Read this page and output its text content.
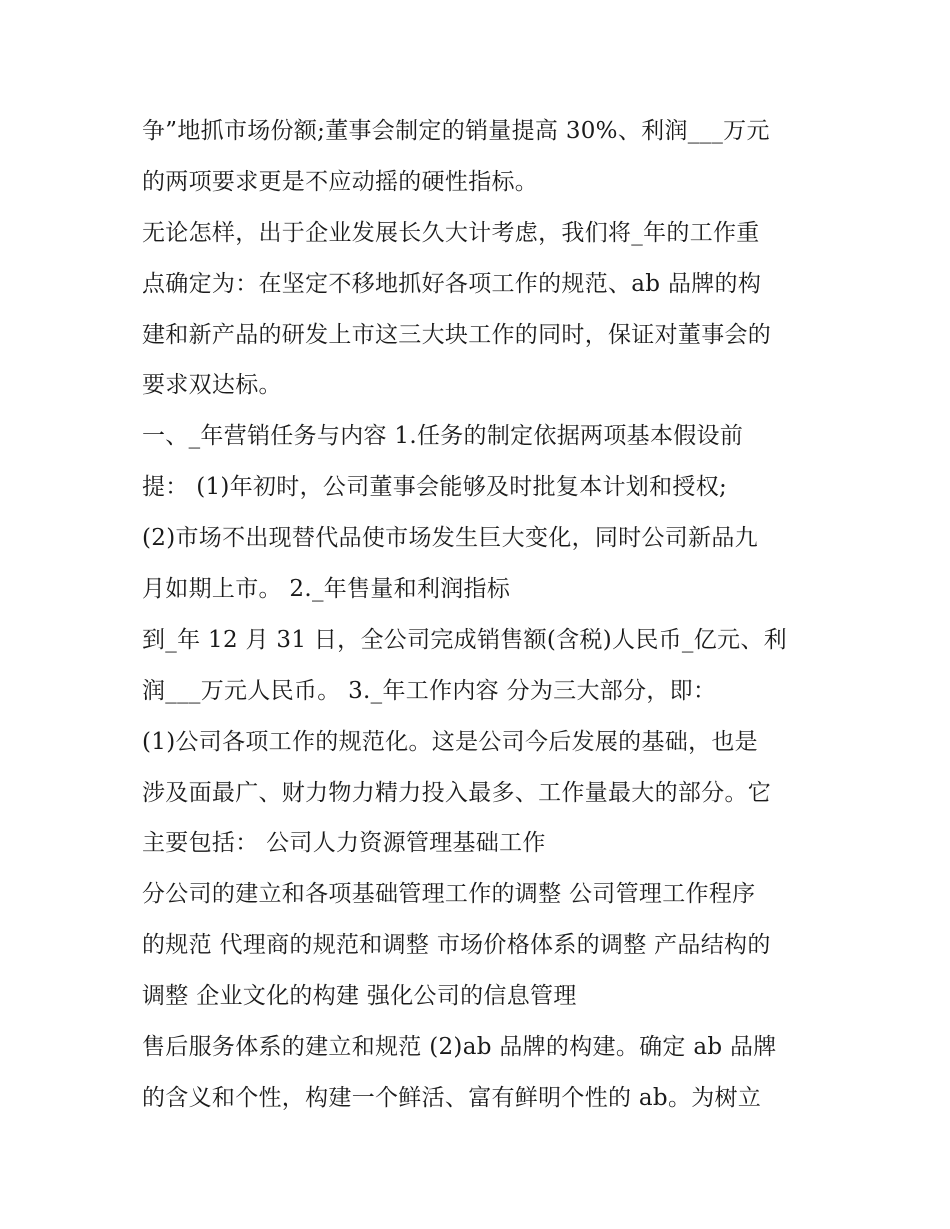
争”地抓市场份额;董事会制定的销量提高 30%、利润___万元
的两项要求更是不应动摇的硬性指标。
无论怎样，出于企业发展长久大计考虑，我们将_年的工作重
点确定为：在坚定不移地抓好各项工作的规范、ab 品牌的构
建和新产品的研发上市这三大块工作的同时，保证对董事会的
要求双达标。
一、_年营销任务与内容 1.任务的制定依据两项基本假设前
提： (1)年初时，公司董事会能够及时批复本计划和授权;
(2)市场不出现替代品使市场发生巨大变化，同时公司新品九
月如期上市。 2._年售量和利润指标
到_年 12 月 31 日，全公司完成销售额(含税)人民币_亿元、利
润___万元人民币。 3._年工作内容 分为三大部分，即：
(1)公司各项工作的规范化。这是公司今后发展的基础，也是
涉及面最广、财力物力精力投入最多、工作量最大的部分。它
主要包括： 公司人力资源管理基础工作
分公司的建立和各项基础管理工作的调整 公司管理工作程序
的规范 代理商的规范和调整 市场价格体系的调整 产品结构的
调整 企业文化的构建 强化公司的信息管理
售后服务体系的建立和规范 (2)ab 品牌的构建。确定 ab 品牌
的含义和个性，构建一个鲜活、富有鲜明个性的 ab。为树立
